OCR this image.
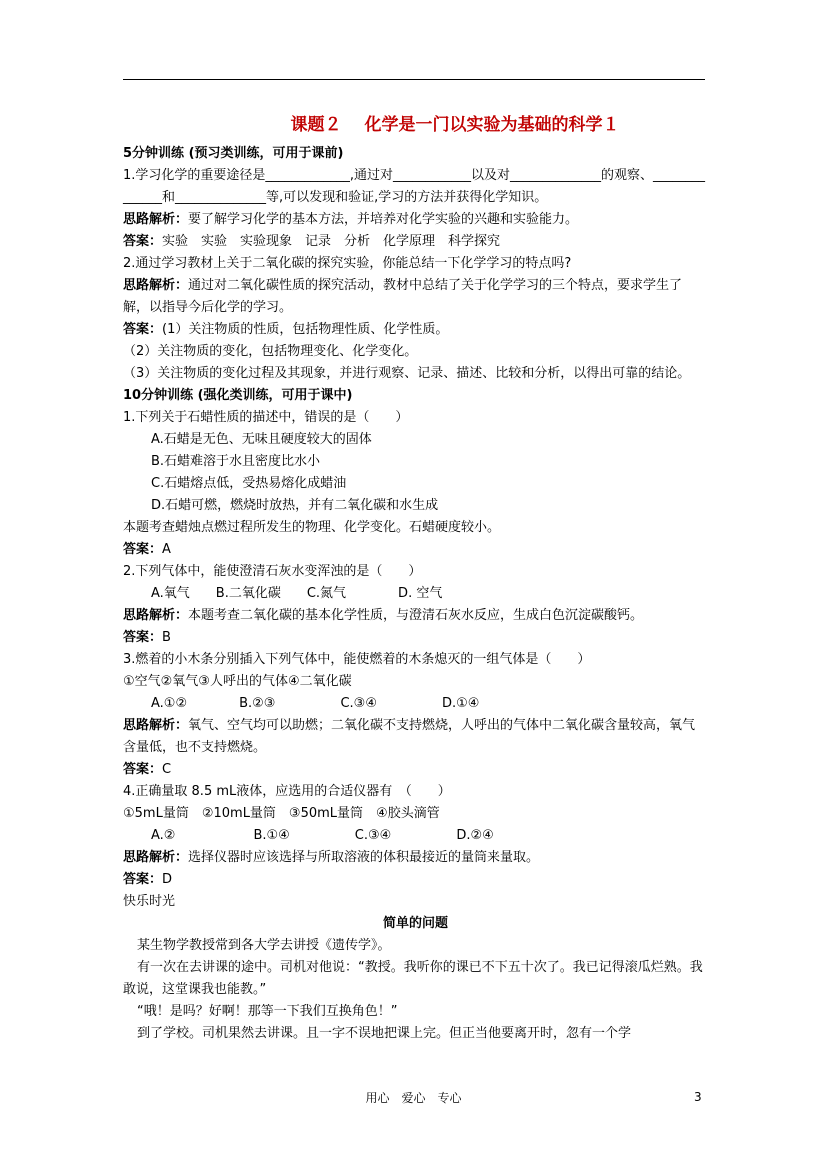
课题２　 化学是一门以实验为基础的科学１
5分钟训练 (预习类训练，可用于课前)
1.学习化学的重要途径是_____________,通过对____________以及对______________的观察、______________和______________等,可以发现和验证,学习的方法并获得化学知识。
思路解析：要了解学习化学的基本方法，并培养对化学实验的兴趣和实验能力。
答案：实验　实验　实验现象　记录　分析　化学原理　科学探究
2.通过学习教材上关于二氧化碳的探究实验，你能总结一下化学学习的特点吗?
思路解析：通过对二氧化碳性质的探究活动，教材中总结了关于化学学习的三个特点，要求学生了解，以指导今后化学的学习。
答案：(1）关注物质的性质，包括物理性质、化学性质。
（2）关注物质的变化，包括物理变化、化学变化。
（3）关注物质的变化过程及其现象，并进行观察、记录、描述、比较和分析，以得出可靠的结论。
10分钟训练 (强化类训练，可用于课中)
1.下列关于石蜡性质的描述中，错误的是（　　）
A.石蜡是无色、无味且硬度较大的固体
B.石蜡难溶于水且密度比水小
C.石蜡熔点低，受热易熔化成蜡油
D.石蜡可燃，燃烧时放热，并有二氧化碳和水生成
本题考查蜡烛点燃过程所发生的物理、化学变化。石蜡硬度较小。
答案：A
2.下列气体中，能使澄清石灰水变浑浊的是（　　）
A.氧气　　B.二氧化碳　　C.氮气　　　　D. 空气
思路解析：本题考查二氧化碳的基本化学性质，与澄清石灰水反应，生成白色沉淀碳酸钙。
答案：B
3.燃着的小木条分别插入下列气体中，能使燃着的木条熄灭的一组气体是（　　）
①空气②氧气③人呼出的气体④二氧化碳
A.①②　　　　B.②③　　　　　C.③④　　　　　D.①④
思路解析：氧气、空气均可以助燃；二氧化碳不支持燃烧，人呼出的气体中二氧化碳含量较高，氧气含量低，也不支持燃烧。
答案：C
4.正确量取 8.5 mL液体，应选用的合适仪器有　（　　）
①5mL量筒　②10mL量筒　③50mL量筒　④胶头滴管
A.②　　　　　　B.①④　　　　　C.③④　　　　　D.②④
思路解析：选择仪器时应该选择与所取溶液的体积最接近的量筒来量取。
答案：D
快乐时光
简单的问题
某生物学教授常到各大学去讲授《遗传学》。
有一次在去讲课的途中。司机对他说：“教授。我听你的课已不下五十次了。我已记得滚瓜烂熟。我敢说，这堂课我也能教。”
“哦！是吗？好啊！那等一下我们互换角色！”
到了学校。司机果然去讲课。且一字不误地把课上完。但正当他要离开时，忽有一个学
用心　爱心　专心	3
